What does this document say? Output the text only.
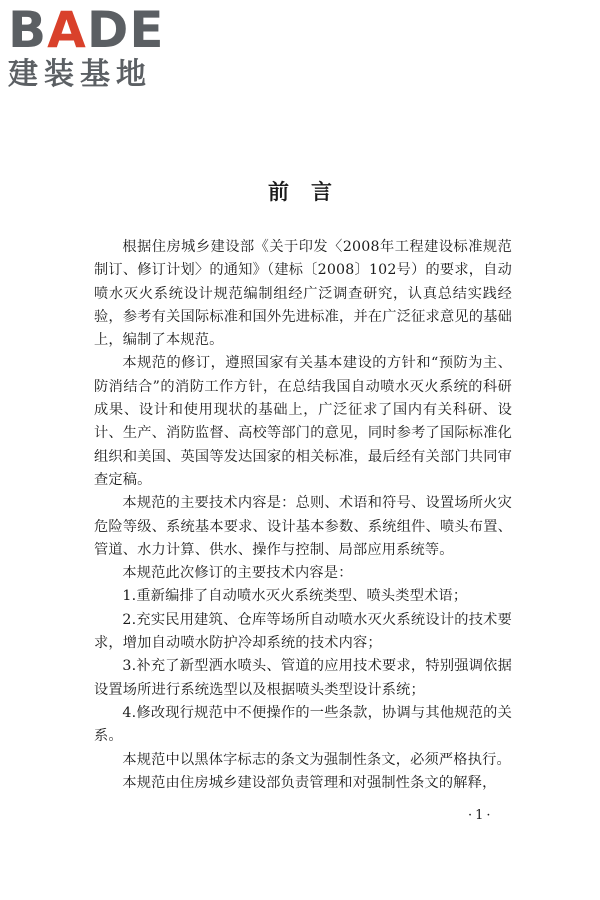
BADE
建装基地
前言

根据住房城乡建设部《关于印发〈2008年工程建设标准规范制订、修订计划〉的通知》（建标〔2008〕102号）的要求，自动喷水灭火系统设计规范编制组经广泛调查研究，认真总结实践经验，参考有关国际标准和国外先进标准，并在广泛征求意见的基础上，编制了本规范。

本规范的修订，遵照国家有关基本建设的方针和“预防为主、防消结合”的消防工作方针，在总结我国自动喷水灭火系统的科研成果、设计和使用现状的基础上，广泛征求了国内有关科研、设计、生产、消防监督、高校等部门的意见，同时参考了国际标准化组织和美国、英国等发达国家的相关标准，最后经有关部门共同审查定稿。

本规范的主要技术内容是：总则、术语和符号、设置场所火灾危险等级、系统基本要求、设计基本参数、系统组件、喷头布置、管道、水力计算、供水、操作与控制、局部应用系统等。

本规范此次修订的主要技术内容是：

1.重新编排了自动喷水灭火系统类型、喷头类型术语；

2.充实民用建筑、仓库等场所自动喷水灭火系统设计的技术要求，增加自动喷水防护冷却系统的技术内容；

3.补充了新型洒水喷头、管道的应用技术要求，特别强调依据设置场所进行系统选型以及根据喷头类型设计系统；

4.修改现行规范中不便操作的一些条款，协调与其他规范的关系。

本规范中以黑体字标志的条文为强制性条文，必须严格执行。

本规范由住房城乡建设部负责管理和对强制性条文的解释，

·1·
